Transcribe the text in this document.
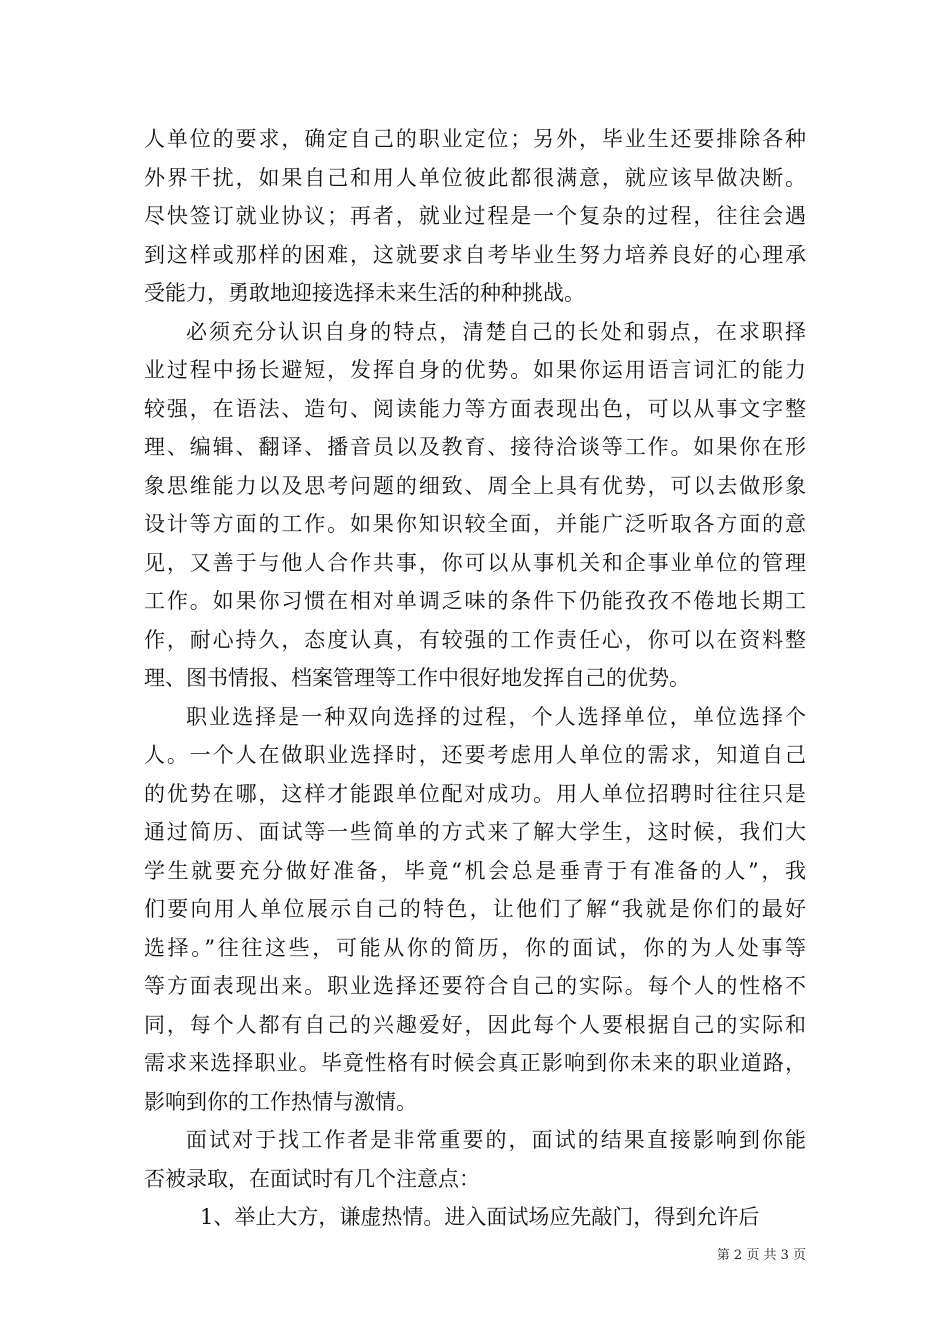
人单位的要求，确定自己的职业定位；另外，毕业生还要排除各种
外界干扰，如果自己和用人单位彼此都很满意，就应该早做决断。
尽快签订就业协议；再者，就业过程是一个复杂的过程，往往会遇
到这样或那样的困难，这就要求自考毕业生努力培养良好的心理承
受能力，勇敢地迎接选择未来生活的种种挑战。
必须充分认识自身的特点，清楚自己的长处和弱点，在求职择
业过程中扬长避短，发挥自身的优势。如果你运用语言词汇的能力
较强，在语法、造句、阅读能力等方面表现出色，可以从事文字整
理、编辑、翻译、播音员以及教育、接待洽谈等工作。如果你在形
象思维能力以及思考问题的细致、周全上具有优势，可以去做形象
设计等方面的工作。如果你知识较全面，并能广泛听取各方面的意
见，又善于与他人合作共事，你可以从事机关和企事业单位的管理
工作。如果你习惯在相对单调乏味的条件下仍能孜孜不倦地长期工
作，耐心持久，态度认真，有较强的工作责任心，你可以在资料整
理、图书情报、档案管理等工作中很好地发挥自己的优势。
职业选择是一种双向选择的过程，个人选择单位，单位选择个
人。一个人在做职业选择时，还要考虑用人单位的需求，知道自己
的优势在哪，这样才能跟单位配对成功。用人单位招聘时往往只是
通过简历、面试等一些简单的方式来了解大学生，这时候，我们大
学生就要充分做好准备，毕竟“机会总是垂青于有准备的人”，我
们要向用人单位展示自己的特色，让他们了解“我就是你们的最好
选择。”往往这些，可能从你的简历，你的面试，你的为人处事等
等方面表现出来。职业选择还要符合自己的实际。每个人的性格不
同，每个人都有自己的兴趣爱好，因此每个人要根据自己的实际和
需求来选择职业。毕竟性格有时候会真正影响到你未来的职业道路，
影响到你的工作热情与激情。
面试对于找工作者是非常重要的，面试的结果直接影响到你能
否被录取，在面试时有几个注意点：
1、举止大方，谦虚热情。进入面试场应先敲门，得到允许后
第 2 页 共 3 页
